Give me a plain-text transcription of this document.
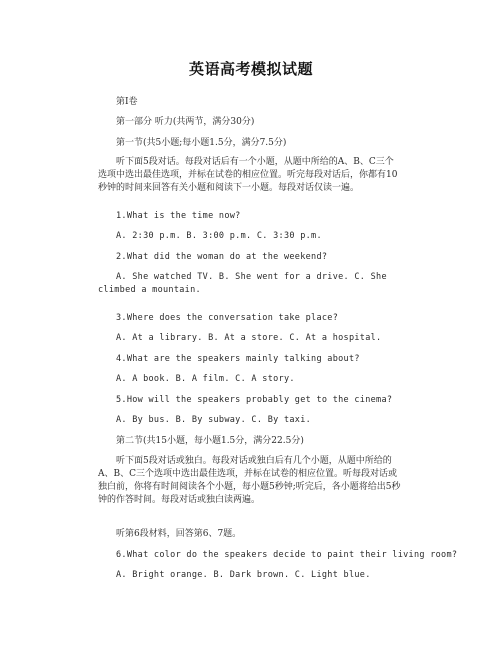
英语高考模拟试题
第I卷
第一部分 听力(共两节，满分30分)
第一节(共5小题;每小题1.5分，满分7.5分)
听下面5段对话。每段对话后有一个小题，从题中所给的A、B、C三个选项中选出最佳选项，并标在试卷的相应位置。听完每段对话后，你都有10秒钟的时间来回答有关小题和阅读下一小题。每段对话仅读一遍。
1.What is the time now?
A. 2:30 p.m. B. 3:00 p.m. C. 3:30 p.m.
2.What did the woman do at the weekend?
A. She watched TV. B. She went for a drive. C. She climbed a mountain.
3.Where does the conversation take place?
A. At a library. B. At a store. C. At a hospital.
4.What are the speakers mainly talking about?
A. A book. B. A film. C. A story.
5.How will the speakers probably get to the cinema?
A. By bus. B. By subway. C. By taxi.
第二节(共15小题，每小题1.5分，满分22.5分)
听下面5段对话或独白。每段对话或独白后有几个小题，从题中所给的A、B、C三个选项中选出最佳选项，并标在试卷的相应位置。听每段对话或独白前，你将有时间阅读各个小题，每小题5秒钟;听完后，各小题将给出5秒钟的作答时间。每段对话或独白读两遍。
听第6段材料，回答第6、7题。
6.What color do the speakers decide to paint their living room?
A. Bright orange. B. Dark brown. C. Light blue.
